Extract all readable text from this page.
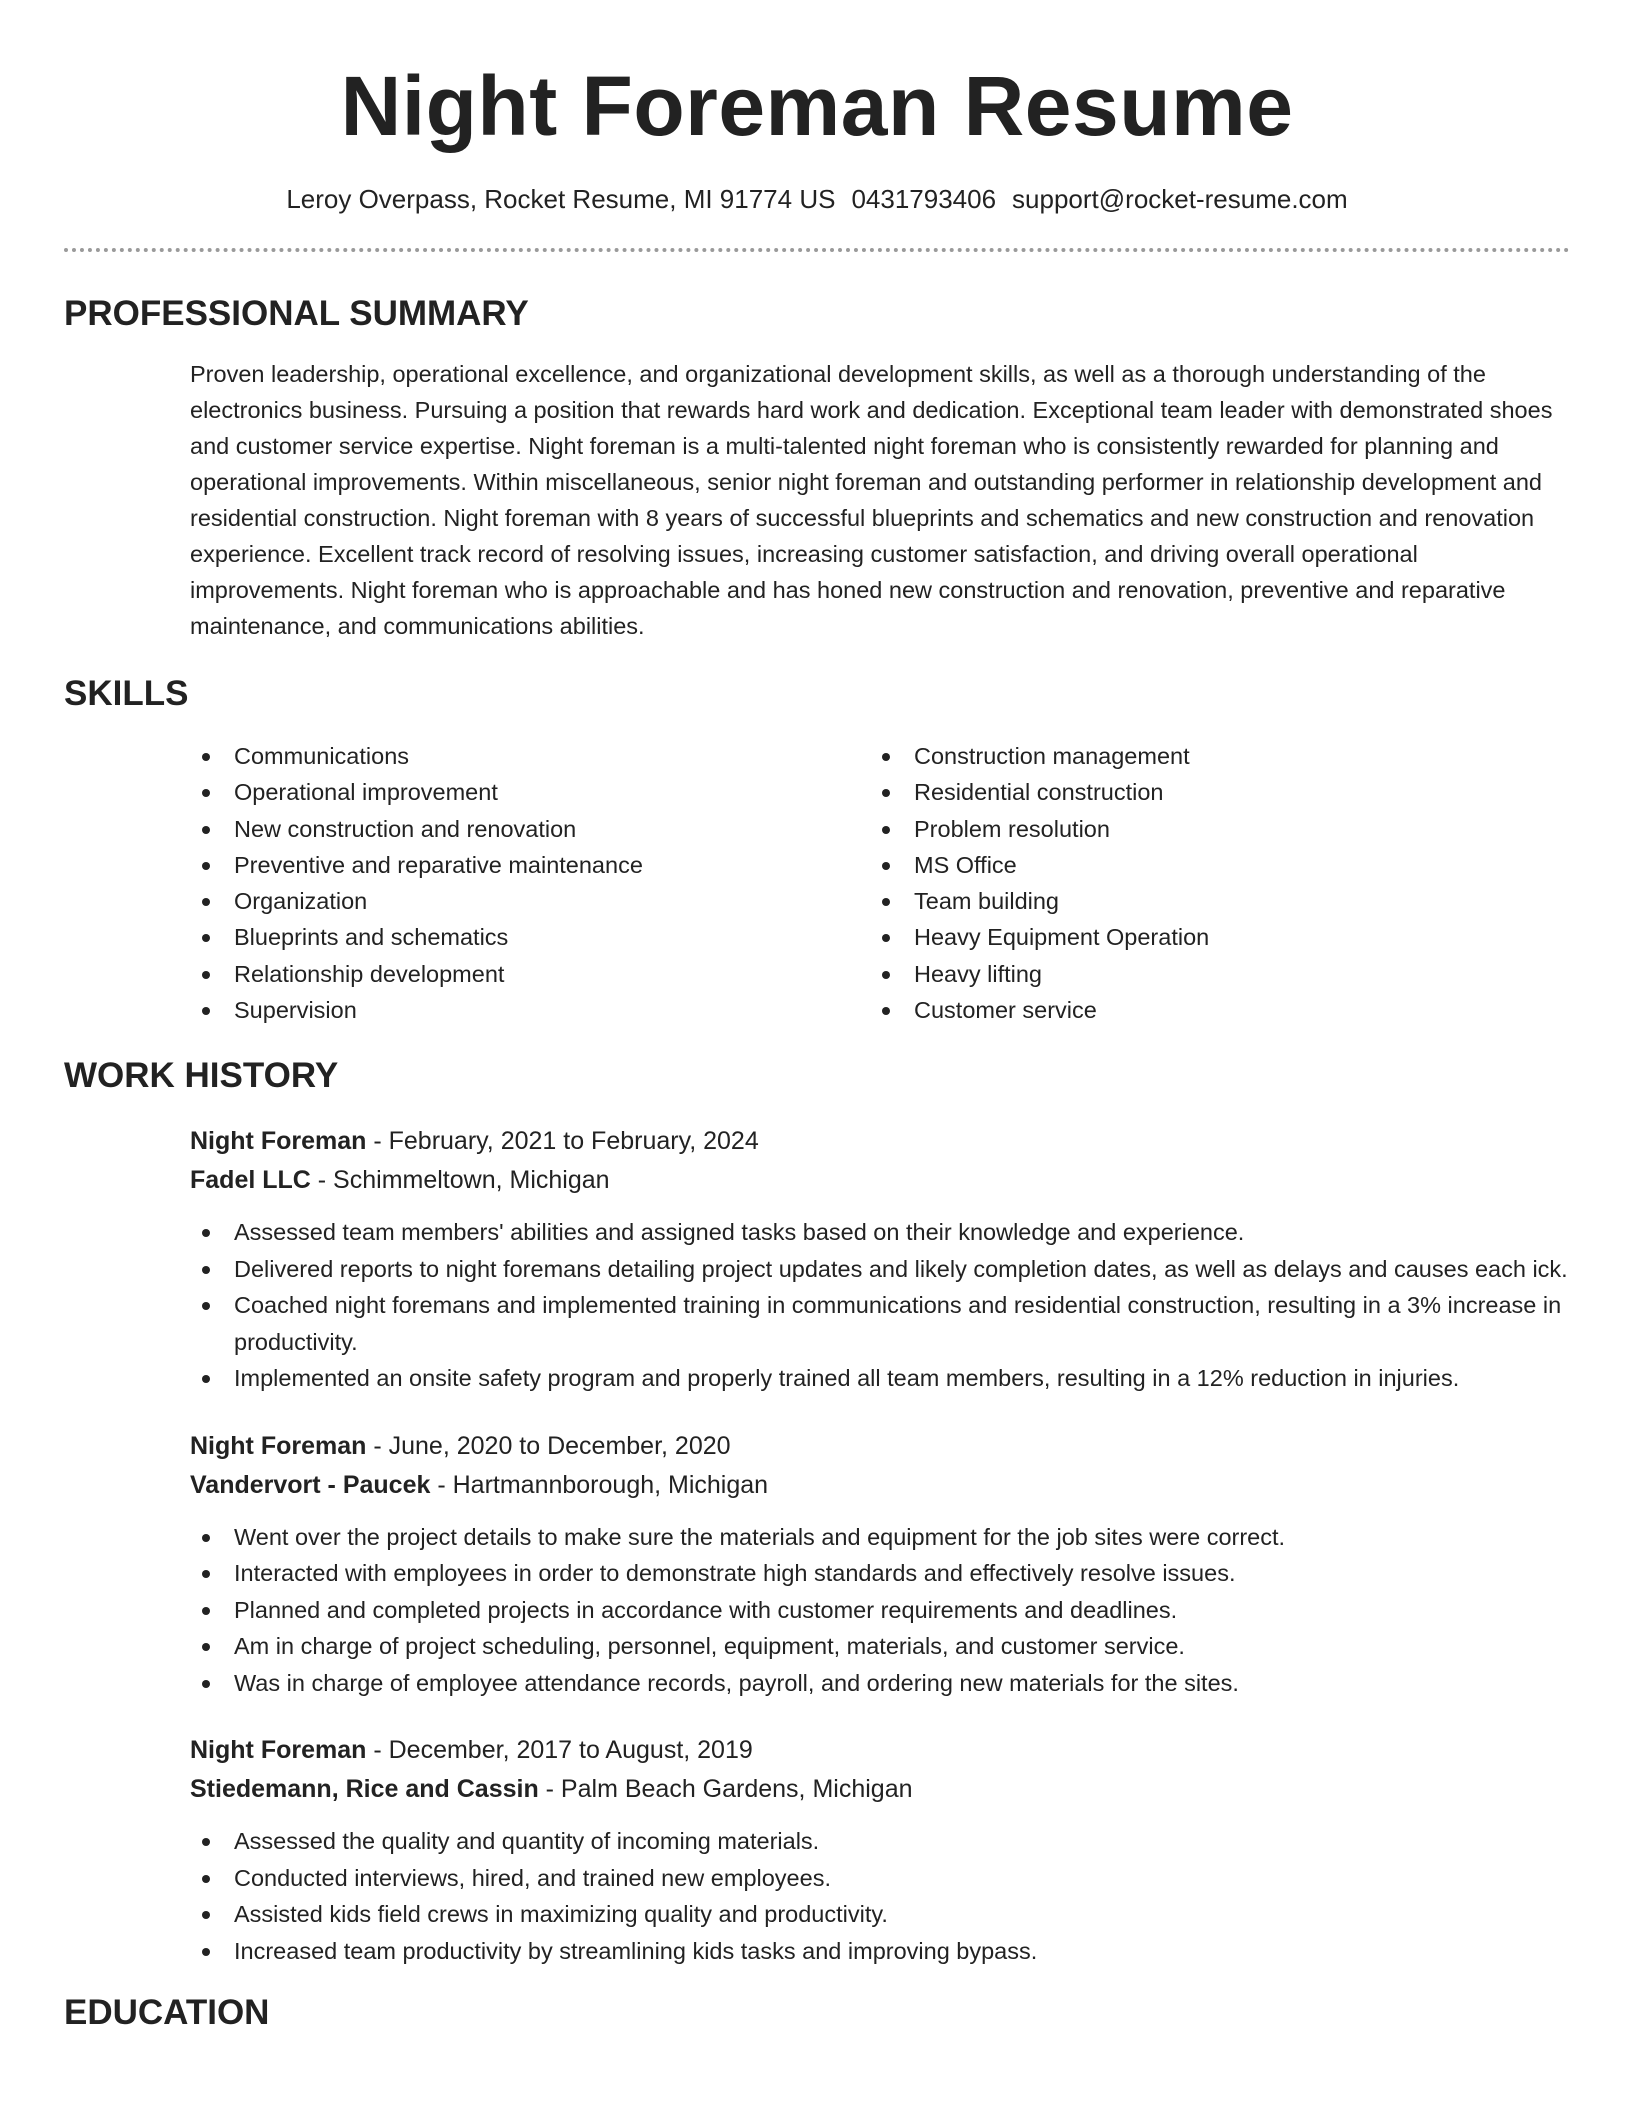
Night Foreman Resume
Leroy Overpass, Rocket Resume, MI 91774 US 0431793406 support@rocket-resume.com
PROFESSIONAL SUMMARY

Proven leadership, operational excellence, and organizational development skills, as well as a thorough understanding of the electronics business. Pursuing a position that rewards hard work and dedication. Exceptional team leader with demonstrated shoes and customer service expertise. Night foreman is a multi-talented night foreman who is consistently rewarded for planning and operational improvements. Within miscellaneous, senior night foreman and outstanding performer in relationship development and residential construction. Night foreman with 8 years of successful blueprints and schematics and new construction and renovation experience. Excellent track record of resolving issues, increasing customer satisfaction, and driving overall operational improvements. Night foreman who is approachable and has honed new construction and renovation, preventive and reparative maintenance, and communications abilities.

SKILLS
Communications
Operational improvement
New construction and renovation
Preventive and reparative maintenance
Organization
Blueprints and schematics
Relationship development
Supervision
Construction management
Residential construction
Problem resolution
MS Office
Team building
Heavy Equipment Operation
Heavy lifting
Customer service
WORK HISTORY
Night Foreman - February, 2021 to February, 2024
Fadel LLC - Schimmeltown, Michigan
Assessed team members' abilities and assigned tasks based on their knowledge and experience.
Delivered reports to night foremans detailing project updates and likely completion dates, as well as delays and causes each ick.
Coached night foremans and implemented training in communications and residential construction, resulting in a 3% increase in productivity.
Implemented an onsite safety program and properly trained all team members, resulting in a 12% reduction in injuries.
Night Foreman - June, 2020 to December, 2020
Vandervort - Paucek - Hartmannborough, Michigan
Went over the project details to make sure the materials and equipment for the job sites were correct.
Interacted with employees in order to demonstrate high standards and effectively resolve issues.
Planned and completed projects in accordance with customer requirements and deadlines.
Am in charge of project scheduling, personnel, equipment, materials, and customer service.
Was in charge of employee attendance records, payroll, and ordering new materials for the sites.
Night Foreman - December, 2017 to August, 2019
Stiedemann, Rice and Cassin - Palm Beach Gardens, Michigan
Assessed the quality and quantity of incoming materials.
Conducted interviews, hired, and trained new employees.
Assisted kids field crews in maximizing quality and productivity.
Increased team productivity by streamlining kids tasks and improving bypass.
EDUCATION
